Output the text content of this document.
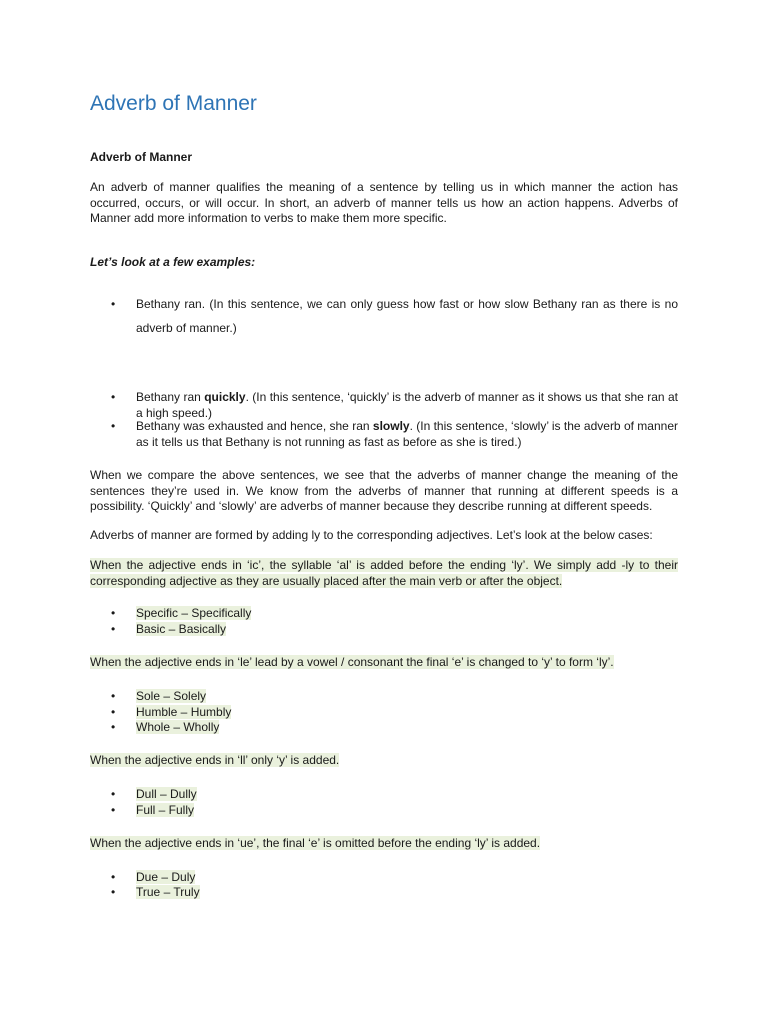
Adverb of Manner

Adverb of Manner

An adverb of manner qualifies the meaning of a sentence by telling us in which manner the action has occurred, occurs, or will occur. In short, an adverb of manner tells us how an action happens. Adverbs of Manner add more information to verbs to make them more specific.

Let’s look at a few examples:

• Bethany ran. (In this sentence, we can only guess how fast or how slow Bethany ran as there is no adverb of manner.)
• Bethany ran quickly. (In this sentence, ‘quickly’ is the adverb of manner as it shows us that she ran at a high speed.)
• Bethany was exhausted and hence, she ran slowly. (In this sentence, ‘slowly’ is the adverb of manner as it tells us that Bethany is not running as fast as before as she is tired.)

When we compare the above sentences, we see that the adverbs of manner change the meaning of the sentences they’re used in. We know from the adverbs of manner that running at different speeds is a possibility. ‘Quickly’ and ‘slowly’ are adverbs of manner because they describe running at different speeds.

Adverbs of manner are formed by adding ly to the corresponding adjectives. Let’s look at the below cases:

When the adjective ends in ‘ic’, the syllable ‘al’ is added before the ending ‘ly’. We simply add -ly to their corresponding adjective as they are usually placed after the main verb or after the object.

• Specific – Specifically
• Basic – Basically

When the adjective ends in ‘le’ lead by a vowel / consonant the final ‘e’ is changed to ‘y’ to form ‘ly’.

• Sole – Solely
• Humble – Humbly
• Whole – Wholly

When the adjective ends in ‘ll’ only ‘y’ is added.

• Dull – Dully
• Full – Fully

When the adjective ends in ‘ue’, the final ‘e’ is omitted before the ending ‘ly’ is added.

• Due – Duly
• True – Truly
